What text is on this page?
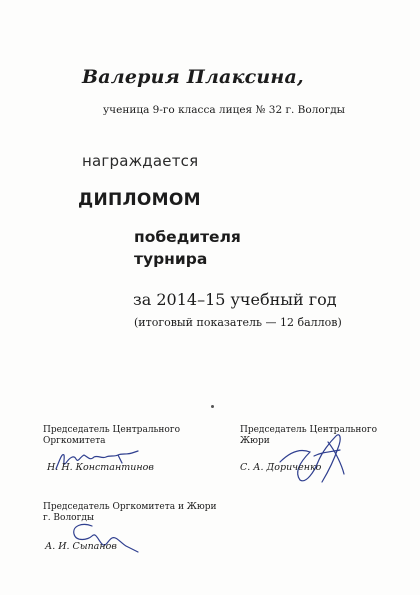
Валерия Плаксина,
ученица 9-го класса лицея № 32 г. Вологды
награждается
ДИПЛОМОМ
победителя
турнира
за 2014–15 учебный год
(итоговый показатель — 12 баллов)
Председатель Центрального
Оргкомитета
Н. Н. Константинов
Председатель Центрального
Жюри
С. А. Дориченко
Председатель Оргкомитета и Жюри
г. Вологды
А. И. Сыпанов
